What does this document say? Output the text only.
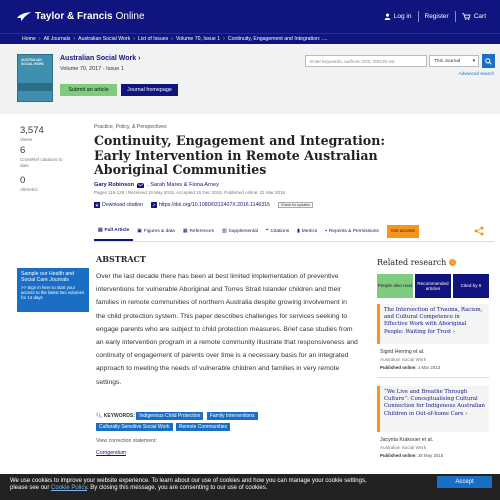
Taylor & Francis Online	Log in Register	Cart
Home › All Journals › Australian Social Work › List of Issues › Volume 70, Issue 1 › Continuity, Engagement and Integration: ....
AUSTRALIAN SOCIAL WORK
Australian Social Work ›
Volume 70, 2017 - Issue 1
Submit an article	Journal homepage
Enter keywords, authors, DOI, ORCID etc	This Journal	▾
Advanced search
3,574
Views
6
CrossRef citations to date
0
Altmetric
Practice, Policy, & Perspectives
Continuity, Engagement and Integration: Early Intervention in Remote Australian Aboriginal Communities
Gary Robinson , Sarah Mares & Fiona Arney
Pages 116-128 | Received 19 May 2015, Accepted 15 Dec 2015, Published online: 21 Mar 2016
Download citation	https://doi.org/10.1080/0312407X.2016.1146315	Check for updates
▤ Full Article ▣ Figures & data ▦ References ▥ Supplemental ❝ Citations ▮ Metrics ▪ Reprints & Permissions	Get access
Sample our Health and Social Care Journals
>> Sign in here to start your access to the latest two volumes for 14 days
ABSTRACT
Over the last decade there has been at best limited implementation of preventive interventions for vulnerable Aboriginal and Torres Strait Islander children and their families in remote communities of northern Australia despite growing involvement in the child protection system. This paper describes challenges for services seeking to engage parents who are subject to child protection measures. Brief case studies from an early intervention program in a remote community illustrate that responsiveness and continuity of engagement of parents over time is a necessary basis for an integrated approach to meeting the needs of vulnerable children and families in very remote settings.
🔍︎ KEYWORDS: Indigenous Child Protection Family Interventions
Culturally Sensitive Social Work Remote Communities
View correction statement:
Corrigendum
Related research	i
People also read
Recommended articles
Cited by 6
The Intersection of Trauma, Racism, and Cultural Competence in Effective Work with Aboriginal People: Waiting for Trust ›
Sigrid Herring et al.
Australian Social Work
Published online: 1 Mar 2013
“We Live and Breathe Through Culture”: Conceptualising Cultural Connection for Indigenous Australian Children in Out-of-home Care ›
Jacynta Krakouer et al.
Australian Social Work
Published online: 28 May 2018
We use cookies to improve your website experience. To learn about our use of cookies and how you can manage your cookie settings,
please see our Cookie Policy. By closing this message, you are consenting to our use of cookies.
Accept
